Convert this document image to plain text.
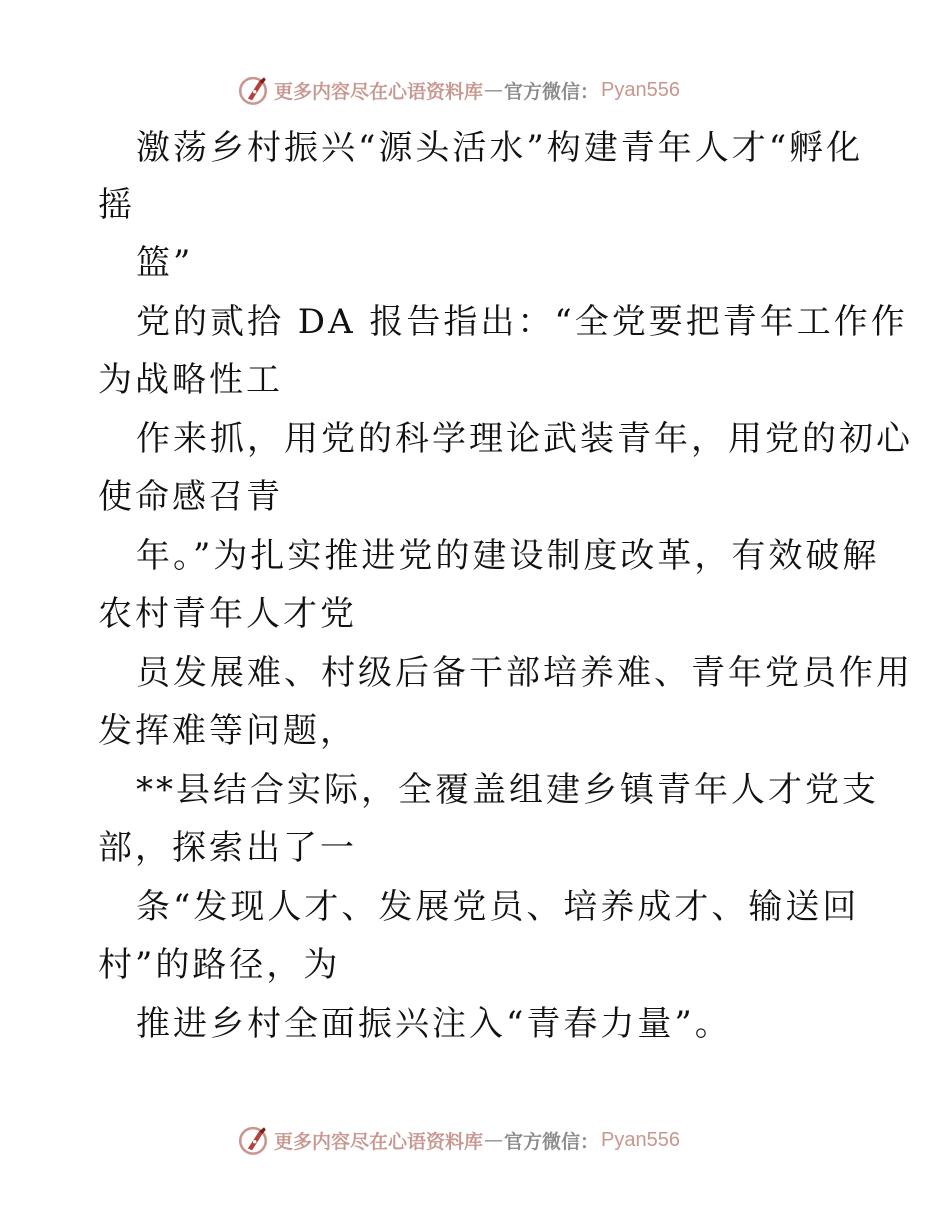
更多内容尽在心语资料库 — 官方微信： Pyan556
激荡乡村振兴“源头活水”构建青年人才“孵化
摇
篮”
党的贰拾 DA 报告指出：“全党要把青年工作作
为战略性工
作来抓，用党的科学理论武装青年，用党的初心
使命感召青
年。”为扎实推进党的建设制度改革，有效破解
农村青年人才党
员发展难、村级后备干部培养难、青年党员作用
发挥难等问题，
**县结合实际，全覆盖组建乡镇青年人才党支
部，探索出了一
条“发现人才、发展党员、培养成才、输送回
村”的路径，为
推进乡村全面振兴注入“青春力量”。
更多内容尽在心语资料库 — 官方微信： Pyan556
